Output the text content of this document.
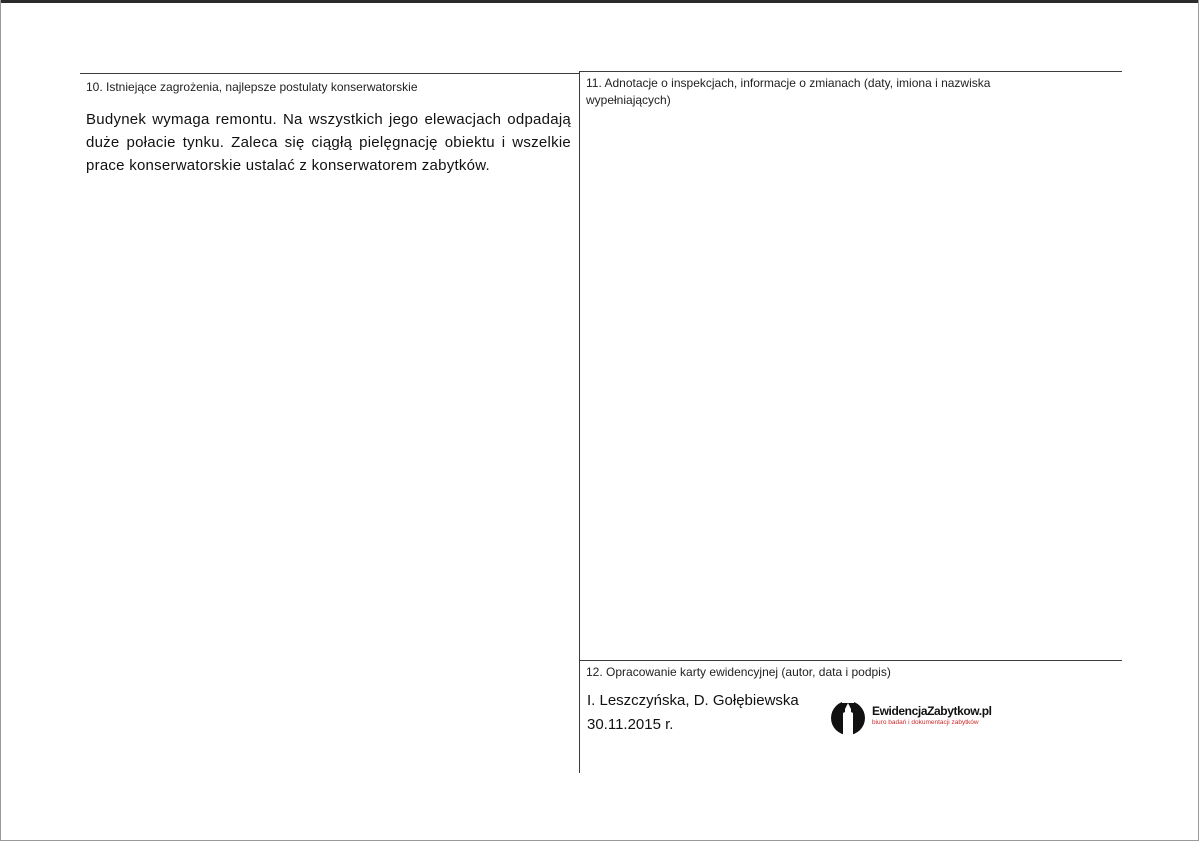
10. Istniejące zagrożenia, najlepsze postulaty konserwatorskie
Budynek wymaga remontu. Na wszystkich jego elewacjach odpadają duże połacie tynku. Zaleca się ciągłą pielęgnację obiektu i wszelkie prace konserwatorskie ustalać z konserwatorem zabytków.
11. Adnotacje o inspekcjach, informacje o zmianach (daty, imiona i nazwiska
wypełniających)
12. Opracowanie karty ewidencyjnej (autor, data i podpis)
I. Leszczyńska, D. Gołębiewska
30.11.2015 r.
EwidencjaZabytkow.pl
biuro badań i dokumentacji zabytków
